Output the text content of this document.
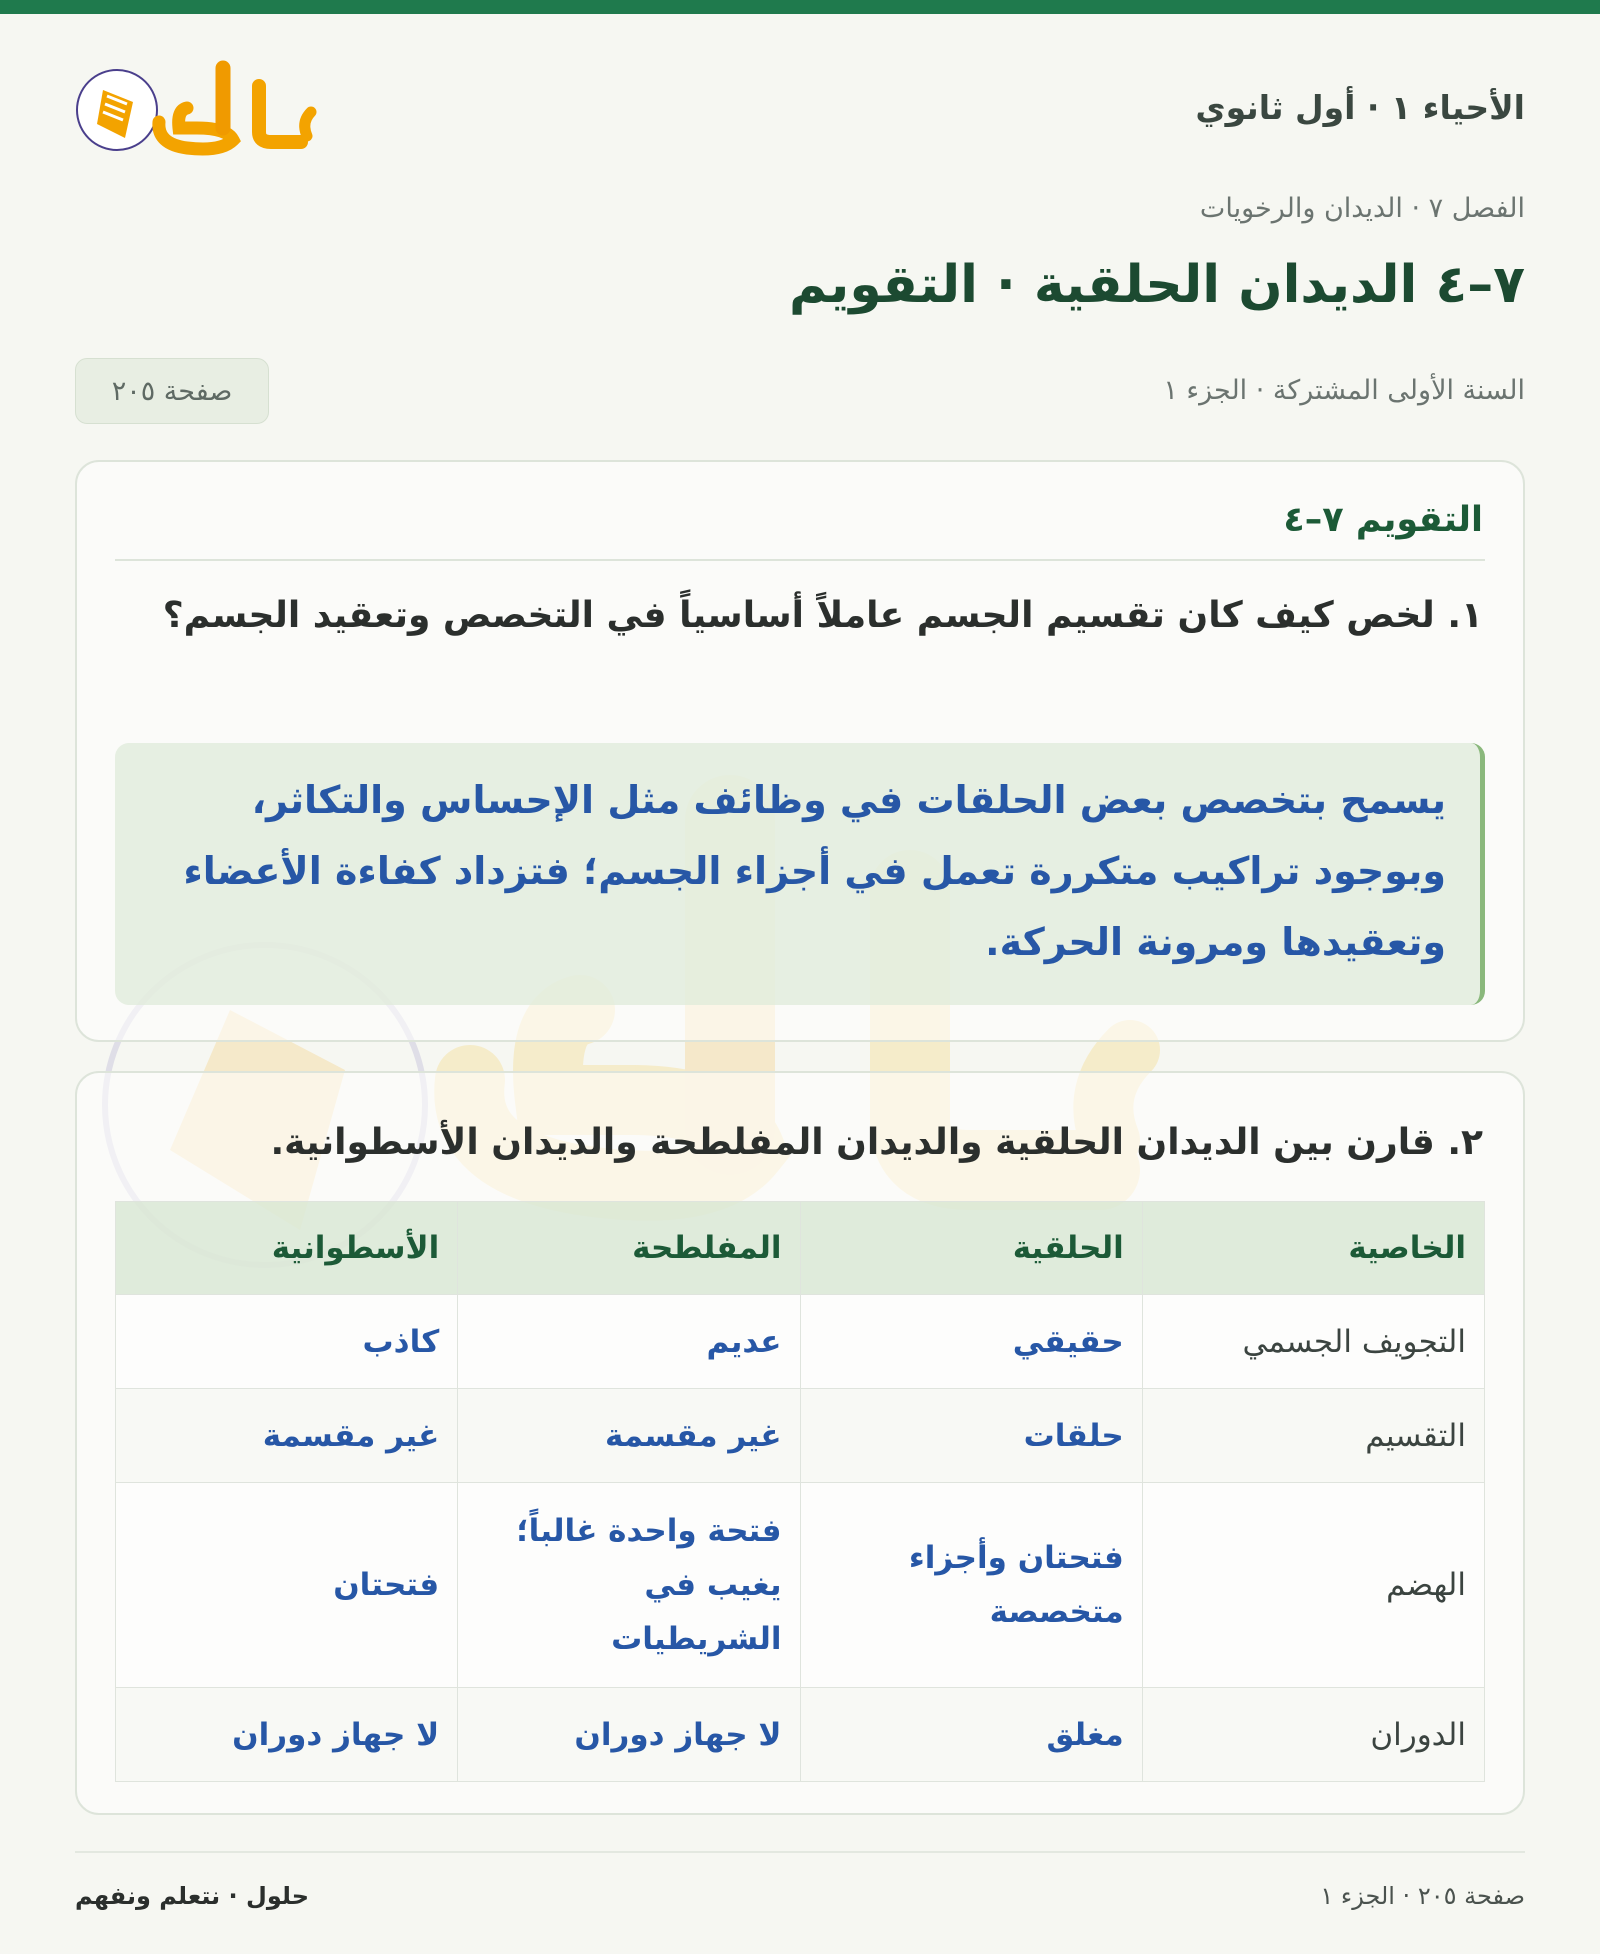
الأحياء ١ · أول ثانوي
حلول
الفصل ٧ · الديدان والرخويات
٧–٤ الديدان الحلقية · التقويم
السنة الأولى المشتركة · الجزء ١
صفحة ٢٠٥
التقويم ٧–٤
١. لخص كيف كان تقسيم الجسم عاملاً أساسياً في التخصص وتعقيد الجسم؟
يسمح بتخصص بعض الحلقات في وظائف مثل الإحساس والتكاثر، وبوجود تراكيب متكررة تعمل في أجزاء الجسم؛ فتزداد كفاءة الأعضاء وتعقيدها ومرونة الحركة.
٢. قارن بين الديدان الحلقية والديدان المفلطحة والديدان الأسطوانية.
الخاصية	الحلقية	المفلطحة	الأسطوانية
التجويف الجسمي	حقيقي	عديم	كاذب
التقسيم	حلقات	غير مقسمة	غير مقسمة
الهضم	فتحتان وأجزاء متخصصة	فتحة واحدة غالباً؛ يغيب في الشريطيات	فتحتان
الدوران	مغلق	لا جهاز دوران	لا جهاز دوران
صفحة ٢٠٥ · الجزء ١
حلول · نتعلم ونفهم
